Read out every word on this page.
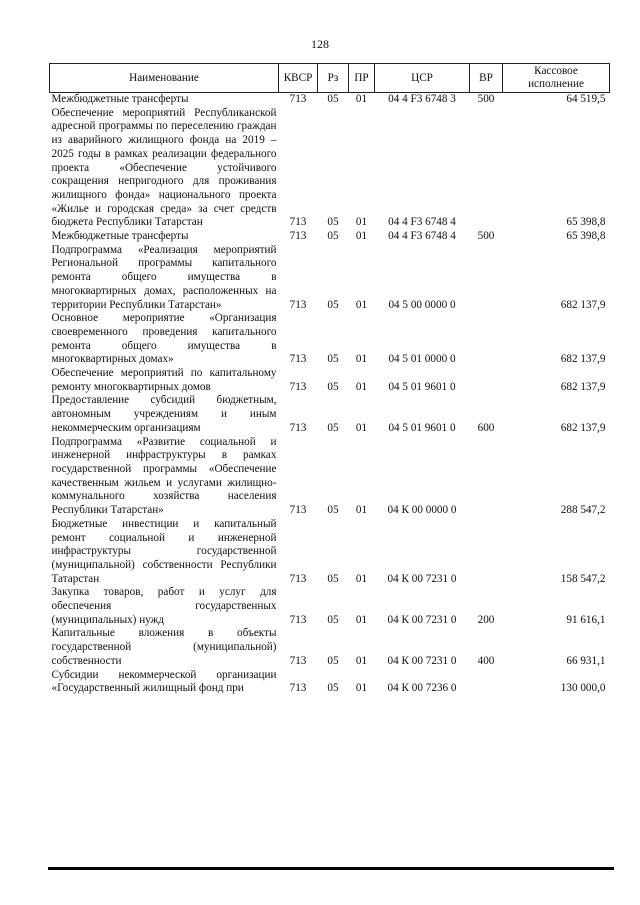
128
Наименование	КВСР	Рз	ПР	ЦСР	ВР	Кассовое исполнение
Межбюджетные трансферты	713	05	01	04 4 F3 6748 3	500	64 519,5
Обеспечение мероприятий Республиканской адресной программы по переселению граждан из аварийного жилищного фонда на 2019 – 2025 годы в рамках реализации федерального проекта «Обеспечение устойчивого сокращения непригодного для проживания жилищного фонда» национального проекта «Жилье и городская среда» за счет средств бюджета Республики Татарстан	713	05	01	04 4 F3 6748 4		65 398,8
Межбюджетные трансферты	713	05	01	04 4 F3 6748 4	500	65 398,8
Подпрограмма «Реализация мероприятий Региональной программы капитального ремонта общего имущества в многоквартирных домах, расположенных на территории Республики Татарстан»	713	05	01	04 5 00 0000 0		682 137,9
Основное мероприятие «Организация своевременного проведения капитального ремонта общего имущества в многоквартирных домах»	713	05	01	04 5 01 0000 0		682 137,9
Обеспечение мероприятий по капитальному ремонту многоквартирных домов	713	05	01	04 5 01 9601 0		682 137,9
Предоставление субсидий бюджетным, автономным учреждениям и иным некоммерческим организациям	713	05	01	04 5 01 9601 0	600	682 137,9
Подпрограмма «Развитие социальной и инженерной инфраструктуры в рамках государственной программы «Обеспечение качественным жильем и услугами жилищно-коммунального хозяйства населения Республики Татарстан»	713	05	01	04 К 00 0000 0		288 547,2
Бюджетные инвестиции и капитальный ремонт социальной и инженерной инфраструктуры государственной (муниципальной) собственности Республики Татарстан	713	05	01	04 К 00 7231 0		158 547,2
Закупка товаров, работ и услуг для обеспечения государственных (муниципальных) нужд	713	05	01	04 К 00 7231 0	200	91 616,1
Капитальные вложения в объекты государственной (муниципальной) собственности	713	05	01	04 К 00 7231 0	400	66 931,1
Субсидии некоммерческой организации «Государственный жилищный фонд при	713	05	01	04 К 00 7236 0		130 000,0
